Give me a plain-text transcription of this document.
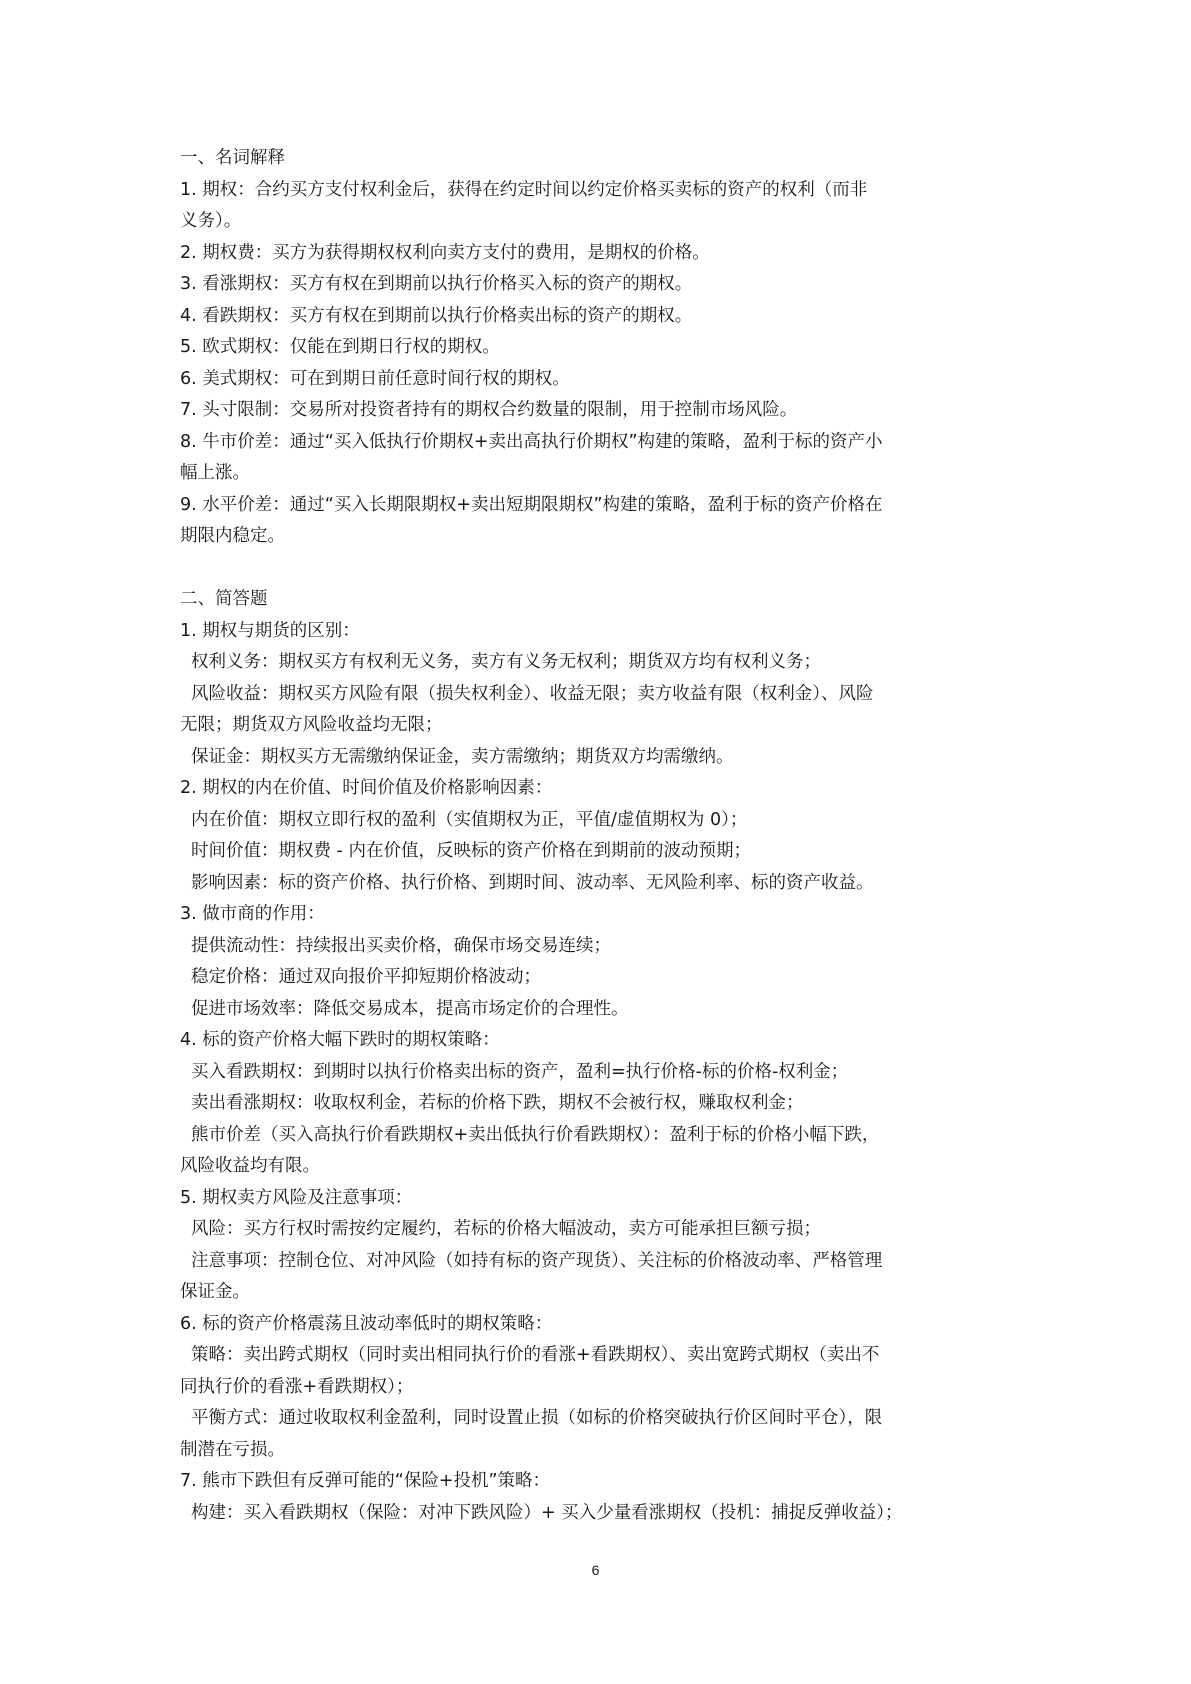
一、名词解释
1. 期权：合约买方支付权利金后，获得在约定时间以约定价格买卖标的资产的权利（而非
义务）。
2. 期权费：买方为获得期权权利向卖方支付的费用，是期权的价格。
3. 看涨期权：买方有权在到期前以执行价格买入标的资产的期权。
4. 看跌期权：买方有权在到期前以执行价格卖出标的资产的期权。
5. 欧式期权：仅能在到期日行权的期权。
6. 美式期权：可在到期日前任意时间行权的期权。
7. 头寸限制：交易所对投资者持有的期权合约数量的限制，用于控制市场风险。
8. 牛市价差：通过“买入低执行价期权+卖出高执行价期权”构建的策略，盈利于标的资产小
幅上涨。
9. 水平价差：通过“买入长期限期权+卖出短期限期权”构建的策略，盈利于标的资产价格在
期限内稳定。
二、简答题
1. 期权与期货的区别：
权利义务：期权买方有权利无义务，卖方有义务无权利；期货双方均有权利义务；
风险收益：期权买方风险有限（损失权利金）、收益无限；卖方收益有限（权利金）、风险
无限；期货双方风险收益均无限；
保证金：期权买方无需缴纳保证金，卖方需缴纳；期货双方均需缴纳。
2. 期权的内在价值、时间价值及价格影响因素：
内在价值：期权立即行权的盈利（实值期权为正，平值/虚值期权为 0）；
时间价值：期权费 - 内在价值，反映标的资产价格在到期前的波动预期；
影响因素：标的资产价格、执行价格、到期时间、波动率、无风险利率、标的资产收益。
3. 做市商的作用：
提供流动性：持续报出买卖价格，确保市场交易连续；
稳定价格：通过双向报价平抑短期价格波动；
促进市场效率：降低交易成本，提高市场定价的合理性。
4. 标的资产价格大幅下跌时的期权策略：
买入看跌期权：到期时以执行价格卖出标的资产，盈利=执行价格-标的价格-权利金；
卖出看涨期权：收取权利金，若标的价格下跌，期权不会被行权，赚取权利金；
熊市价差（买入高执行价看跌期权+卖出低执行价看跌期权）：盈利于标的价格小幅下跌，
风险收益均有限。
5. 期权卖方风险及注意事项：
风险：买方行权时需按约定履约，若标的价格大幅波动，卖方可能承担巨额亏损；
注意事项：控制仓位、对冲风险（如持有标的资产现货）、关注标的价格波动率、严格管理
保证金。
6. 标的资产价格震荡且波动率低时的期权策略：
策略：卖出跨式期权（同时卖出相同执行价的看涨+看跌期权）、卖出宽跨式期权（卖出不
同执行价的看涨+看跌期权）；
平衡方式：通过收取权利金盈利，同时设置止损（如标的价格突破执行价区间时平仓），限
制潜在亏损。
7. 熊市下跌但有反弹可能的“保险+投机”策略：
构建：买入看跌期权（保险：对冲下跌风险）+ 买入少量看涨期权（投机：捕捉反弹收益）；
6
